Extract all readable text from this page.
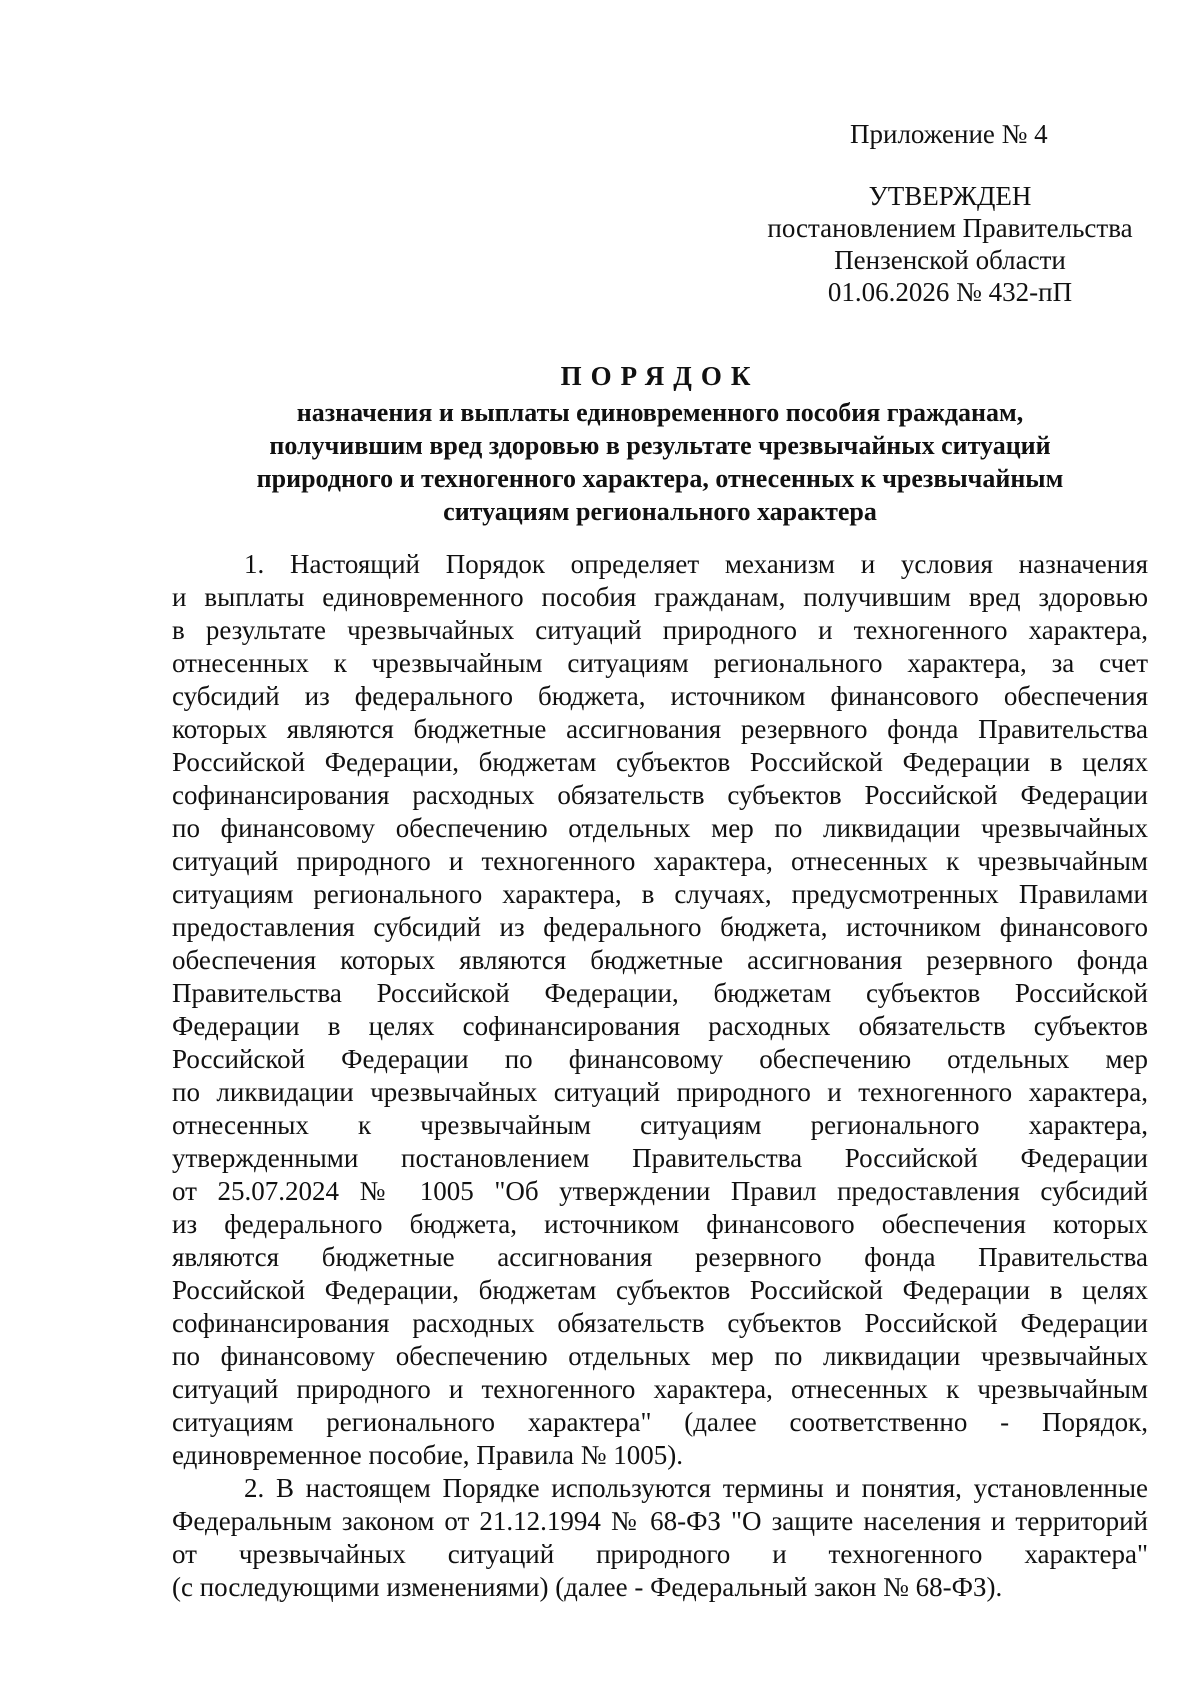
Приложение № 4
УТВЕРЖДЕН
постановлением Правительства
Пензенской области
01.06.2026 № 432-пП
ПОРЯДОК
назначения и выплаты единовременного пособия гражданам,
получившим вред здоровью в результате чрезвычайных ситуаций
природного и техногенного характера, отнесенных к чрезвычайным
ситуациям регионального характера
1. Настоящий Порядок определяет механизм и условия назначения
и выплаты единовременного пособия гражданам, получившим вред здоровью
в результате чрезвычайных ситуаций природного и техногенного характера,
отнесенных к чрезвычайным ситуациям регионального характера, за счет
субсидий из федерального бюджета, источником финансового обеспечения
которых являются бюджетные ассигнования резервного фонда Правительства
Российской Федерации, бюджетам субъектов Российской Федерации в целях
софинансирования расходных обязательств субъектов Российской Федерации
по финансовому обеспечению отдельных мер по ликвидации чрезвычайных
ситуаций природного и техногенного характера, отнесенных к чрезвычайным
ситуациям регионального характера, в случаях, предусмотренных Правилами
предоставления субсидий из федерального бюджета, источником финансового
обеспечения которых являются бюджетные ассигнования резервного фонда
Правительства Российской Федерации, бюджетам субъектов Российской
Федерации в целях софинансирования расходных обязательств субъектов
Российской Федерации по финансовому обеспечению отдельных мер
по ликвидации чрезвычайных ситуаций природного и техногенного характера,
отнесенных к чрезвычайным ситуациям регионального характера,
утвержденными постановлением Правительства Российской Федерации
от 25.07.2024 № 1005 "Об утверждении Правил предоставления субсидий
из федерального бюджета, источником финансового обеспечения которых
являются бюджетные ассигнования резервного фонда Правительства
Российской Федерации, бюджетам субъектов Российской Федерации в целях
софинансирования расходных обязательств субъектов Российской Федерации
по финансовому обеспечению отдельных мер по ликвидации чрезвычайных
ситуаций природного и техногенного характера, отнесенных к чрезвычайным
ситуациям регионального характера" (далее соответственно - Порядок,
единовременное пособие, Правила № 1005).
2. В настоящем Порядке используются термины и понятия, установленные
Федеральным законом от 21.12.1994 № 68-ФЗ "О защите населения и территорий
от чрезвычайных ситуаций природного и техногенного характера"
(с последующими изменениями) (далее - Федеральный закон № 68-ФЗ).
